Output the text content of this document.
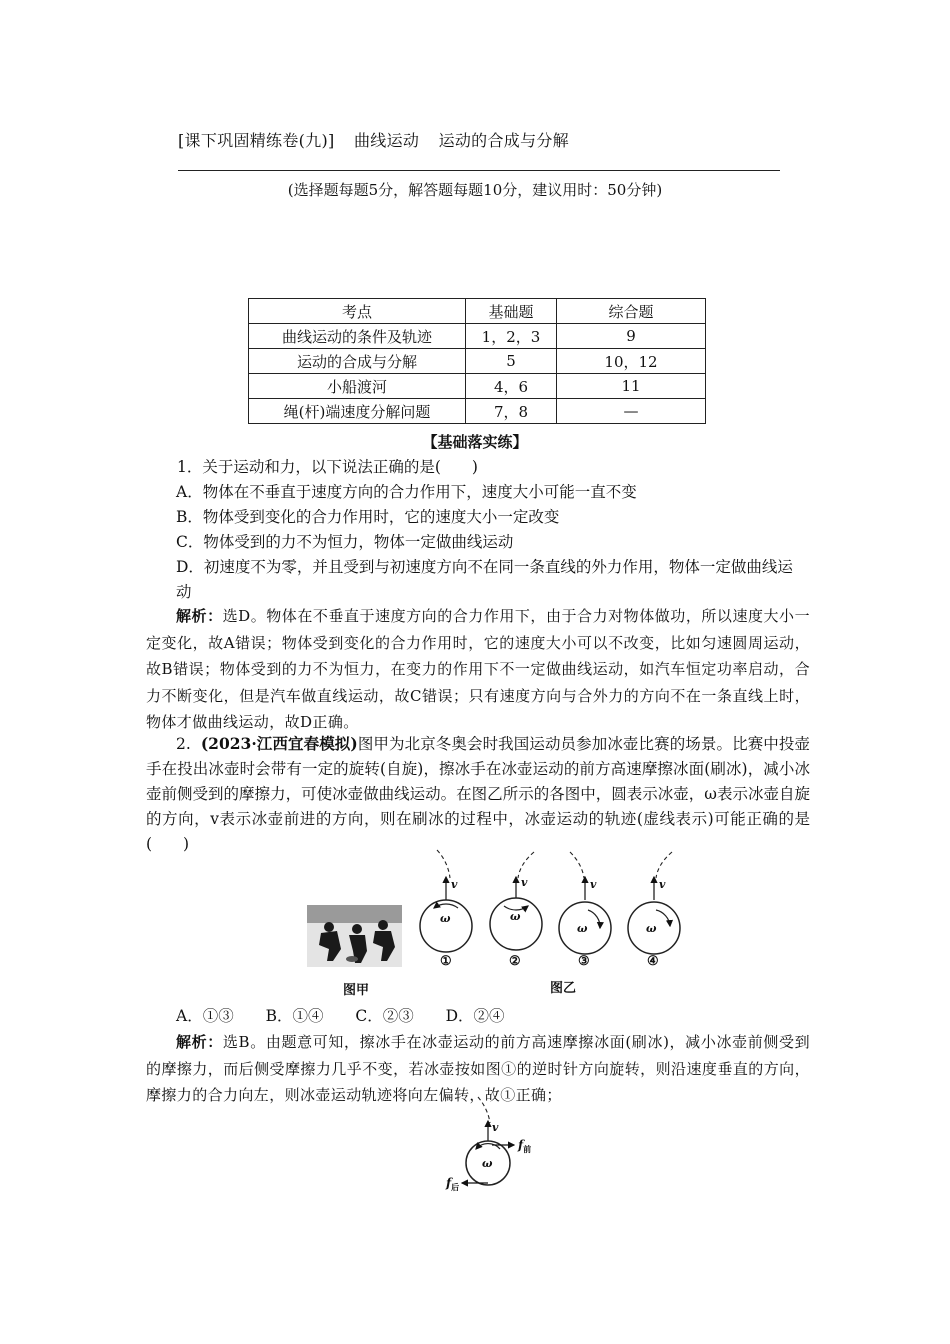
[课下巩固精练卷(九)] 曲线运动 运动的合成与分解
(选择题每题5分，解答题每题10分，建议用时：50分钟)
考点	基础题	综合题
曲线运动的条件及轨迹	1，2，3	9
运动的合成与分解	5	10，12
小船渡河	4，6	11
绳(杆)端速度分解问题	7，8	—
【基础落实练】
1．关于运动和力，以下说法正确的是(　　)
A．物体在不垂直于速度方向的合力作用下，速度大小可能一直不变
B．物体受到变化的合力作用时，它的速度大小一定改变
C．物体受到的力不为恒力，物体一定做曲线运动
D．初速度不为零，并且受到与初速度方向不在同一条直线的外力作用，物体一定做曲线运动
解析：选D。物体在不垂直于速度方向的合力作用下，由于合力对物体做功，所以速度大小一定变化，故A错误；物体受到变化的合力作用时，它的速度大小可以不改变，比如匀速圆周运动，故B错误；物体受到的力不为恒力，在变力的作用下不一定做曲线运动，如汽车恒定功率启动，合力不断变化，但是汽车做直线运动，故C错误；只有速度方向与合外力的方向不在一条直线上时，物体才做曲线运动，故D正确。
2. (2023·江西宜春模拟)图甲为北京冬奥会时我国运动员参加冰壶比赛的场景。比赛中投壶手在投出冰壶时会带有一定的旋转(自旋)，擦冰手在冰壶运动的前方高速摩擦冰面(刷冰)，减小冰壶前侧受到的摩擦力，可使冰壶做曲线运动。在图乙所示的各图中，圆表示冰壶，ω表示冰壶自旋的方向，v表示冰壶前进的方向，则在刷冰的过程中，冰壶运动的轨迹(虚线表示)可能正确的是(　　)
v	v	v	v
ω	ω
ω	ω
①	②	③	④
图甲	图乙
A．①③ B．①④ C．②③ D．②④
解析：选B。由题意可知，擦冰手在冰壶运动的前方高速摩擦冰面(刷冰)，减小冰壶前侧受到的摩擦力，而后侧受摩擦力几乎不变，若冰壶按如图①的逆时针方向旋转，则沿速度垂直的方向，摩擦力的合力向左，则冰壶运动轨迹将向左偏转，故①正确；
v
ω
$f_前$
$f_后$
